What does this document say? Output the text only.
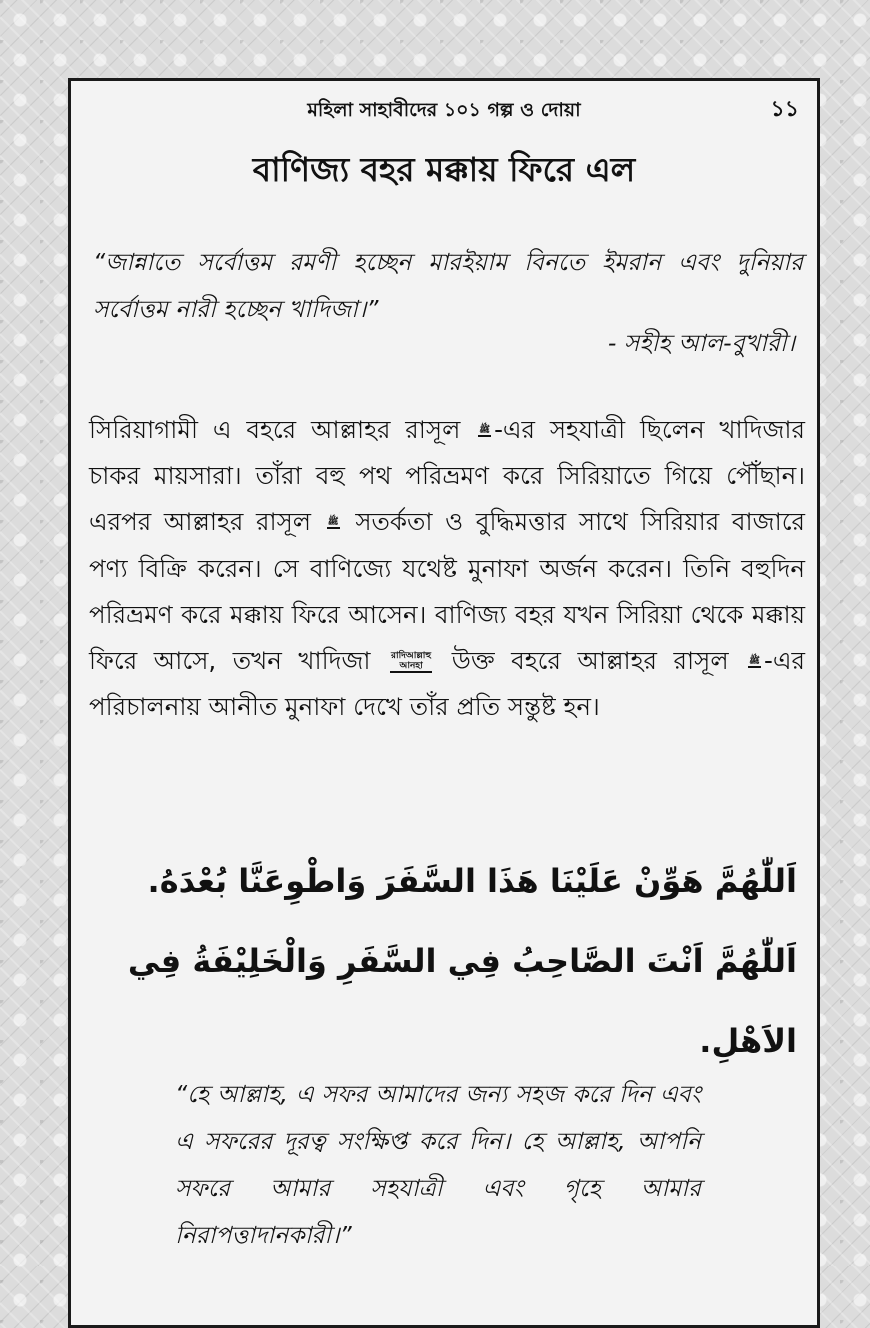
মহিলা সাহাবীদের ১০১ গল্প ও দোয়া	১১
বাণিজ্য বহর মক্কায় ফিরে এল

“জান্নাতে সর্বোত্তম রমণী হচ্ছেন মারইয়াম বিনতে ইমরান এবং দুনিয়ার সর্বোত্তম নারী হচ্ছেন খাদিজা।”

- সহীহ আল-বুখারী।

সিরিয়াগামী এ বহরে আল্লাহর রাসূল ﷺ -এর সহযাত্রী ছিলেন খাদিজার চাকর মায়সারা। তাঁরা বহু পথ পরিভ্রমণ করে সিরিয়াতে গিয়ে পৌঁছান। এরপর আল্লাহর রাসূল ﷺ সতর্কতা ও বুদ্ধিমত্তার সাথে সিরিয়ার বাজারে পণ্য বিক্রি করেন। সে বাণিজ্যে যথেষ্ট মুনাফা অর্জন করেন। তিনি বহুদিন পরিভ্রমণ করে মক্কায় ফিরে আসেন। বাণিজ্য বহর যখন সিরিয়া থেকে মক্কায় ফিরে আসে, তখন খাদিজা রাদিআল্লাহু
আনহা উক্ত বহরে আল্লাহর রাসূল ﷺ -এর পরিচালনায় আনীত মুনাফা দেখে তাঁর প্রতি সন্তুষ্ট হন।

اَللّٰهُمَّ هَوِّنْ عَلَيْنَا هَذَا السَّفَرَ وَاطْوِعَنَّا بُعْدَهُ. اَللّٰهُمَّ اَنْتَ الصَّاحِبُ فِي السَّفَرِ وَالْخَلِيْفَةُ فِي الاَهْلِ.

“হে আল্লাহ, এ সফর আমাদের জন্য সহজ করে দিন এবং এ সফরের দূরত্ব সংক্ষিপ্ত করে দিন। হে আল্লাহ, আপনি সফরে আমার সহযাত্রী এবং গৃহে আমার নিরাপত্তাদানকারী।”
